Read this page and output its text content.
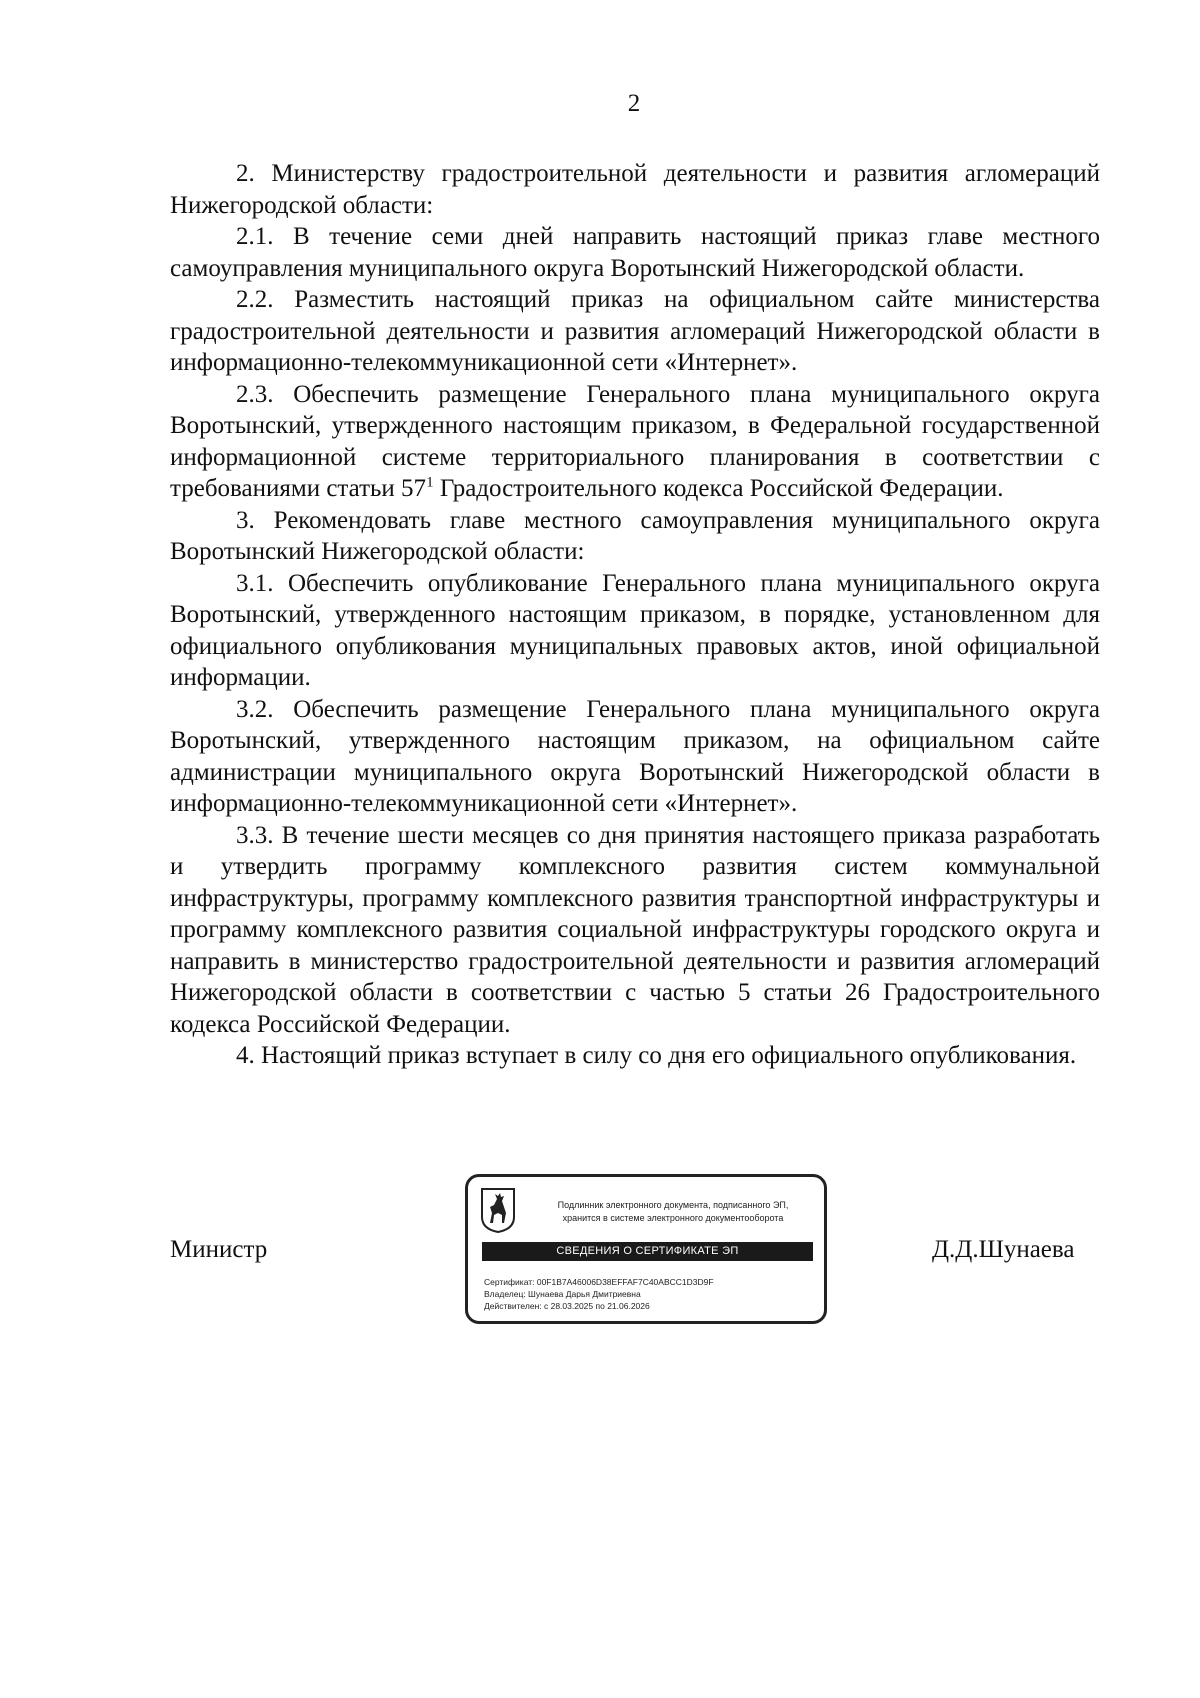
2

2. Министерству градостроительной деятельности и развития агломераций Нижегородской области:

2.1. В течение семи дней направить настоящий приказ главе местного самоуправления муниципального округа Воротынский Нижегородской области.

2.2. Разместить настоящий приказ на официальном сайте министерства градостроительной деятельности и развития агломераций Нижегородской области в информационно-телекоммуникационной сети «Интернет».

2.3. Обеспечить размещение Генерального плана муниципального округа Воротынский, утвержденного настоящим приказом, в Федеральной государственной информационной системе территориального планирования в соответствии с требованиями статьи $57^1$ Градостроительного кодекса Российской Федерации.

3. Рекомендовать главе местного самоуправления муниципального округа Воротынский Нижегородской области:

3.1. Обеспечить опубликование Генерального плана муниципального округа Воротынский, утвержденного настоящим приказом, в порядке, установленном для официального опубликования муниципальных правовых актов, иной официальной информации.

3.2. Обеспечить размещение Генерального плана муниципального округа Воротынский, утвержденного настоящим приказом, на официальном сайте администрации муниципального округа Воротынский Нижегородской области в информационно-телекоммуникационной сети «Интернет».

3.3. В течение шести месяцев со дня принятия настоящего приказа разработать и утвердить программу комплексного развития систем коммунальной инфраструктуры, программу комплексного развития транспортной инфраструктуры и программу комплексного развития социальной инфраструктуры городского округа и направить в министерство градостроительной деятельности и развития агломераций Нижегородской области в соответствии с частью 5 статьи 26 Градостроительного кодекса Российской Федерации.

4. Настоящий приказ вступает в силу со дня его официального опубликования.

Министр
Подлинник электронного документа, подписанного ЭП,
хранится в системе электронного документооборота
СВЕДЕНИЯ О СЕРТИФИКАТЕ ЭП
Сертификат: 00F1B7A46006D38EFFAF7C40ABCC1D3D9F
Владелец: Шунаева Дарья Дмитриевна
Действителен: с 28.03.2025 по 21.06.2026
Д.Д.Шунаева
